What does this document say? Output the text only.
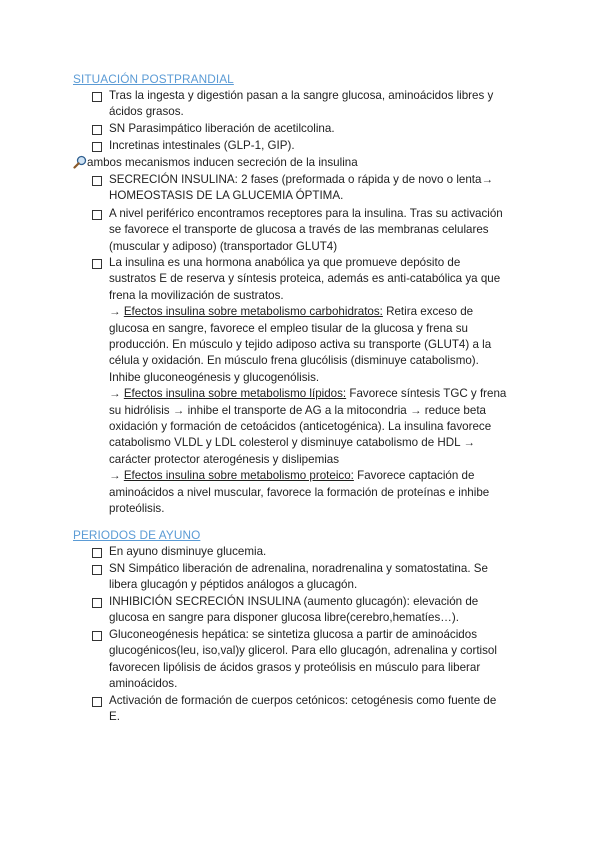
SITUACIÓN POSTPRANDIAL
Tras la ingesta y digestión pasan a la sangre glucosa, aminoácidos libres y
ácidos grasos.
SN Parasimpático liberación de acetilcolina.
Incretinas intestinales (GLP-1, GIP).
ambos mecanismos inducen secreción de la insulina
SECRECIÓN INSULINA: 2 fases (preformada o rápida y de novo o lenta→
HOMEOSTASIS DE LA GLUCEMIA ÓPTIMA.
A nivel periférico encontramos receptores para la insulina. Tras su activación
se favorece el transporte de glucosa a través de las membranas celulares
(muscular y adiposo) (transportador GLUT4)
La insulina es una hormona anabólica ya que promueve depósito de
sustratos E de reserva y síntesis proteica, además es anti-catabólica ya que
frena la movilización de sustratos.
→ Efectos insulina sobre metabolismo carbohidratos: Retira exceso de
glucosa en sangre, favorece el empleo tisular de la glucosa y frena su
producción. En músculo y tejido adiposo activa su transporte (GLUT4) a la
célula y oxidación. En músculo frena glucólisis (disminuye catabolismo).
Inhibe gluconeogénesis y glucogenólisis.
→ Efectos insulina sobre metabolismo lípidos: Favorece síntesis TGC y frena
su hidrólisis → inhibe el transporte de AG a la mitocondria → reduce beta
oxidación y formación de cetoácidos (anticetogénica). La insulina favorece
catabolismo VLDL y LDL colesterol y disminuye catabolismo de HDL →
carácter protector aterogénesis y dislipemias
→ Efectos insulina sobre metabolismo proteico: Favorece captación de
aminoácidos a nivel muscular, favorece la formación de proteínas e inhibe
proteólisis.
PERIODOS DE AYUNO
En ayuno disminuye glucemia.
SN Simpático liberación de adrenalina, noradrenalina y somatostatina. Se
libera glucagón y péptidos análogos a glucagón.
INHIBICIÓN SECRECIÓN INSULINA (aumento glucagón): elevación de
glucosa en sangre para disponer glucosa libre(cerebro,hematíes…).
Gluconeogénesis hepática: se sintetiza glucosa a partir de aminoácidos
glucogénicos(leu, iso,val)y glicerol. Para ello glucagón, adrenalina y cortisol
favorecen lipólisis de ácidos grasos y proteólisis en músculo para liberar
aminoácidos.
Activación de formación de cuerpos cetónicos: cetogénesis como fuente de
E.
